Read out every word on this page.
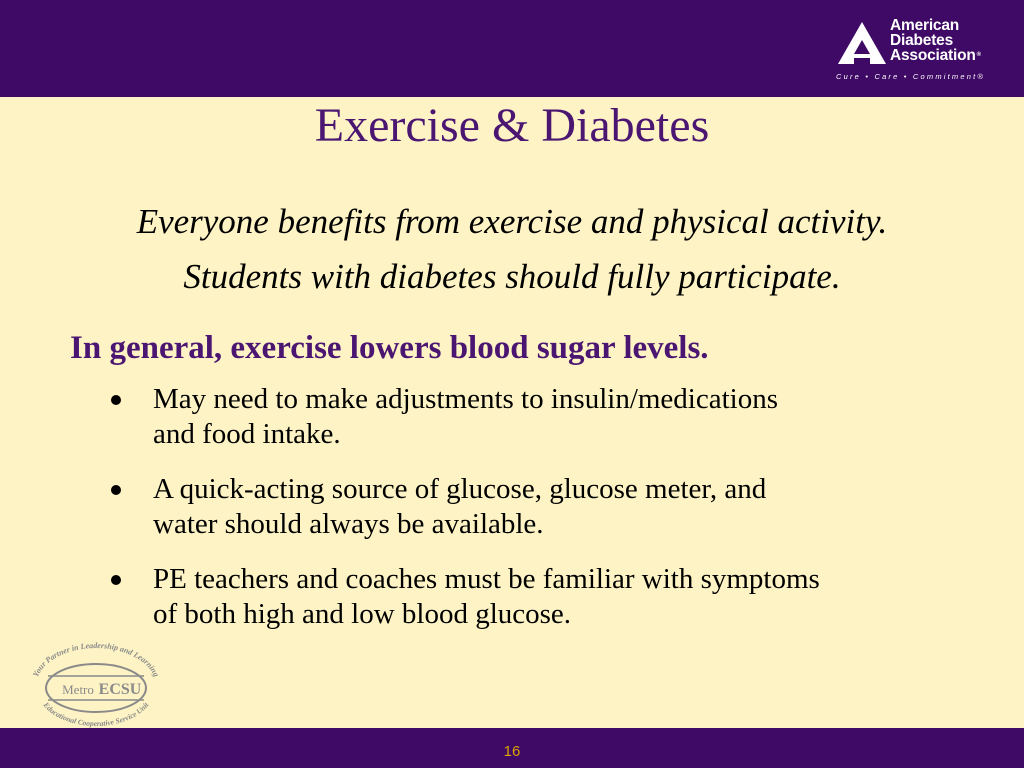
American
Diabetes
Association®
Cure • Care • Commitment®
Exercise & Diabetes
Everyone benefits from exercise and physical activity.
Students with diabetes should fully participate.
In general, exercise lowers blood sugar levels.
May need to make adjustments to insulin/medications
and food intake.
A quick-acting source of glucose, glucose meter, and
water should always be available.
PE teachers and coaches must be familiar with symptoms
of both high and low blood glucose.
Your Partner in Leadership and Learning
Educational Cooperative Service Unit
Metro ECSU
16
